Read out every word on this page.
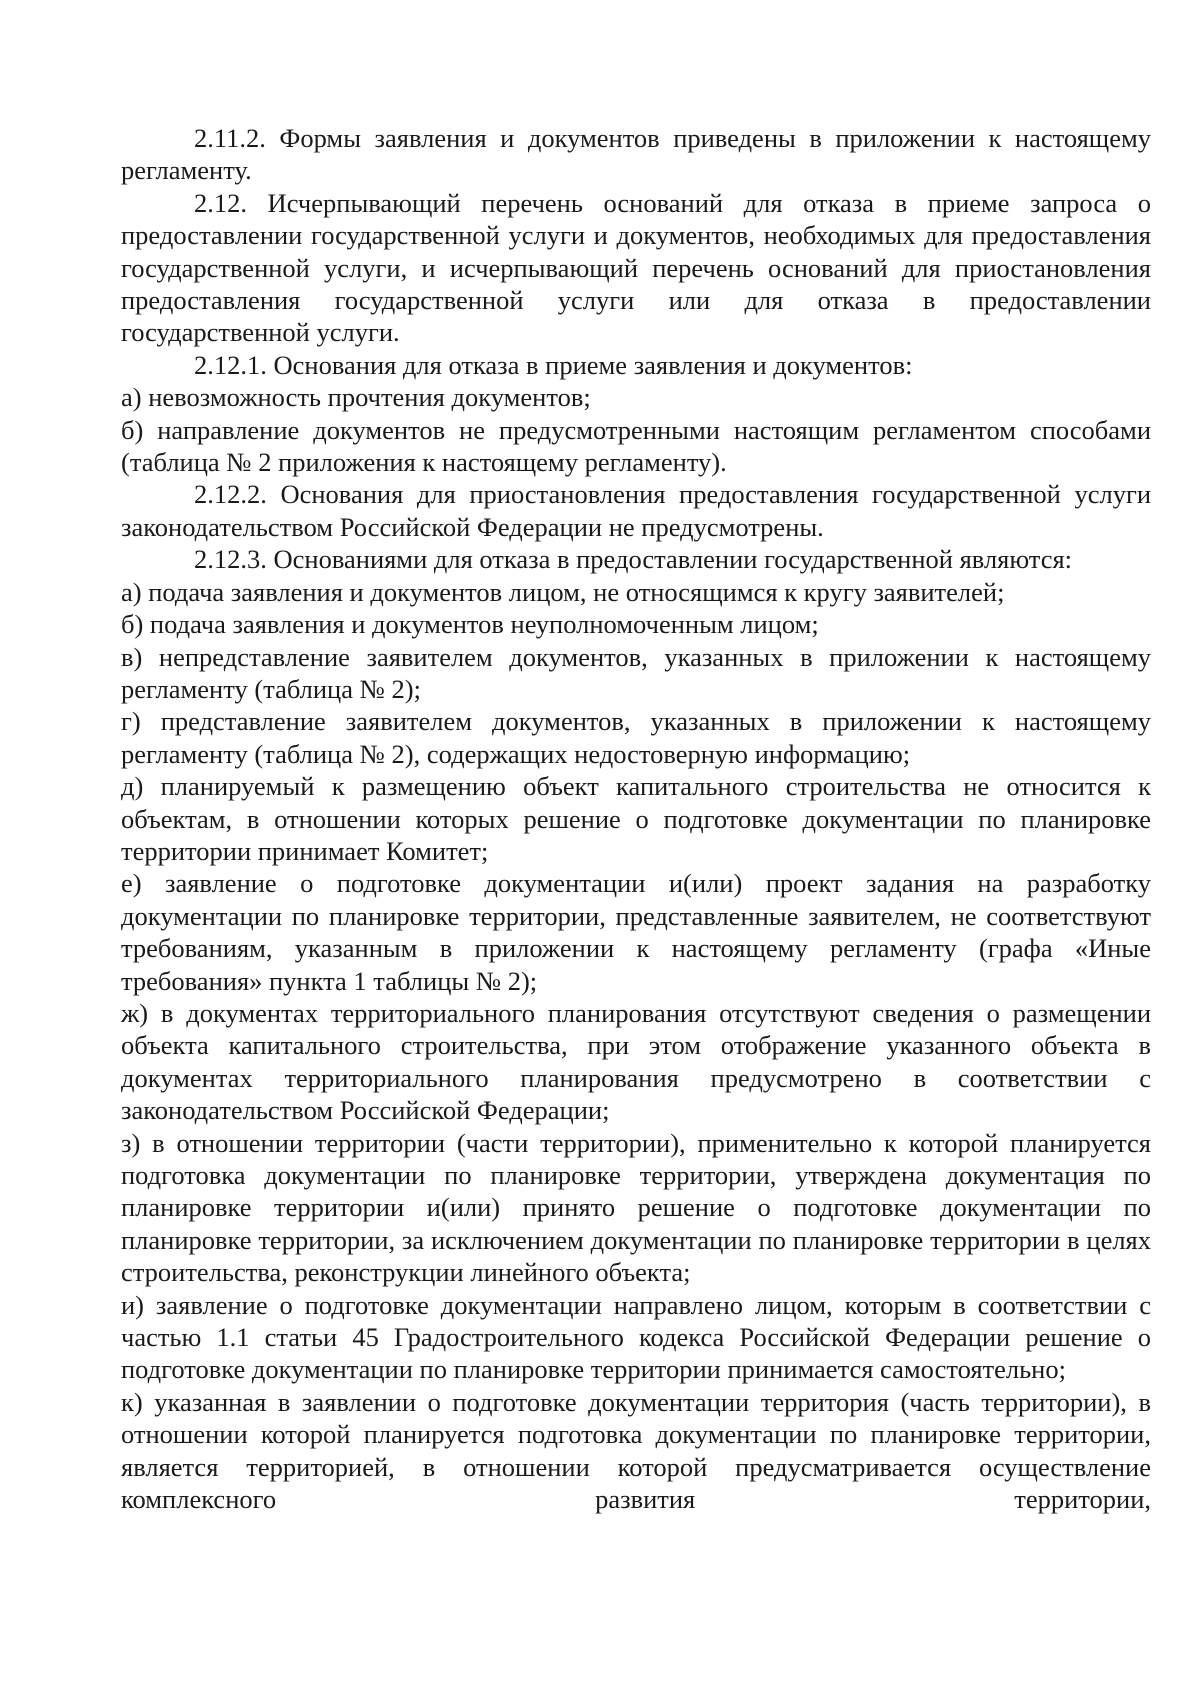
2.11.2. Формы заявления и документов приведены в приложении к настоящему регламенту.

2.12. Исчерпывающий перечень оснований для отказа в приеме запроса о предоставлении государственной услуги и документов, необходимых для предоставления государственной услуги, и исчерпывающий перечень оснований для приостановления предоставления государственной услуги или для отказа в предоставлении государственной услуги.

2.12.1. Основания для отказа в приеме заявления и документов:

а) невозможность прочтения документов;

б) направление документов не предусмотренными настоящим регламентом способами (таблица № 2 приложения к настоящему регламенту).

2.12.2. Основания для приостановления предоставления государственной услуги законодательством Российской Федерации не предусмотрены.

2.12.3. Основаниями для отказа в предоставлении государственной являются:

а) подача заявления и документов лицом, не относящимся к кругу заявителей;

б) подача заявления и документов неуполномоченным лицом;

в) непредставление заявителем документов, указанных в приложении к настоящему регламенту (таблица № 2);

г) представление заявителем документов, указанных в приложении к настоящему регламенту (таблица № 2), содержащих недостоверную информацию;

д) планируемый к размещению объект капитального строительства не относится к объектам, в отношении которых решение о подготовке документации по планировке территории принимает Комитет;

е) заявление о подготовке документации и(или) проект задания на разработку документации по планировке территории, представленные заявителем, не соответствуют требованиям, указанным в приложении к настоящему регламенту (графа «Иные требования» пункта 1 таблицы № 2);

ж) в документах территориального планирования отсутствуют сведения о размещении объекта капитального строительства, при этом отображение указанного объекта в документах территориального планирования предусмотрено в соответствии с законодательством Российской Федерации;

з) в отношении территории (части территории), применительно к которой планируется подготовка документации по планировке территории, утверждена документация по планировке территории и(или) принято решение о подготовке документации по планировке территории, за исключением документации по планировке территории в целях строительства, реконструкции линейного объекта;

и) заявление о подготовке документации направлено лицом, которым в соответствии с частью 1.1 статьи 45 Градостроительного кодекса Российской Федерации решение о подготовке документации по планировке территории принимается самостоятельно;

к) указанная в заявлении о подготовке документации территория (часть территории), в отношении которой планируется подготовка документации по планировке территории, является территорией, в отношении которой предусматривается осуществление комплексного развития территории,
